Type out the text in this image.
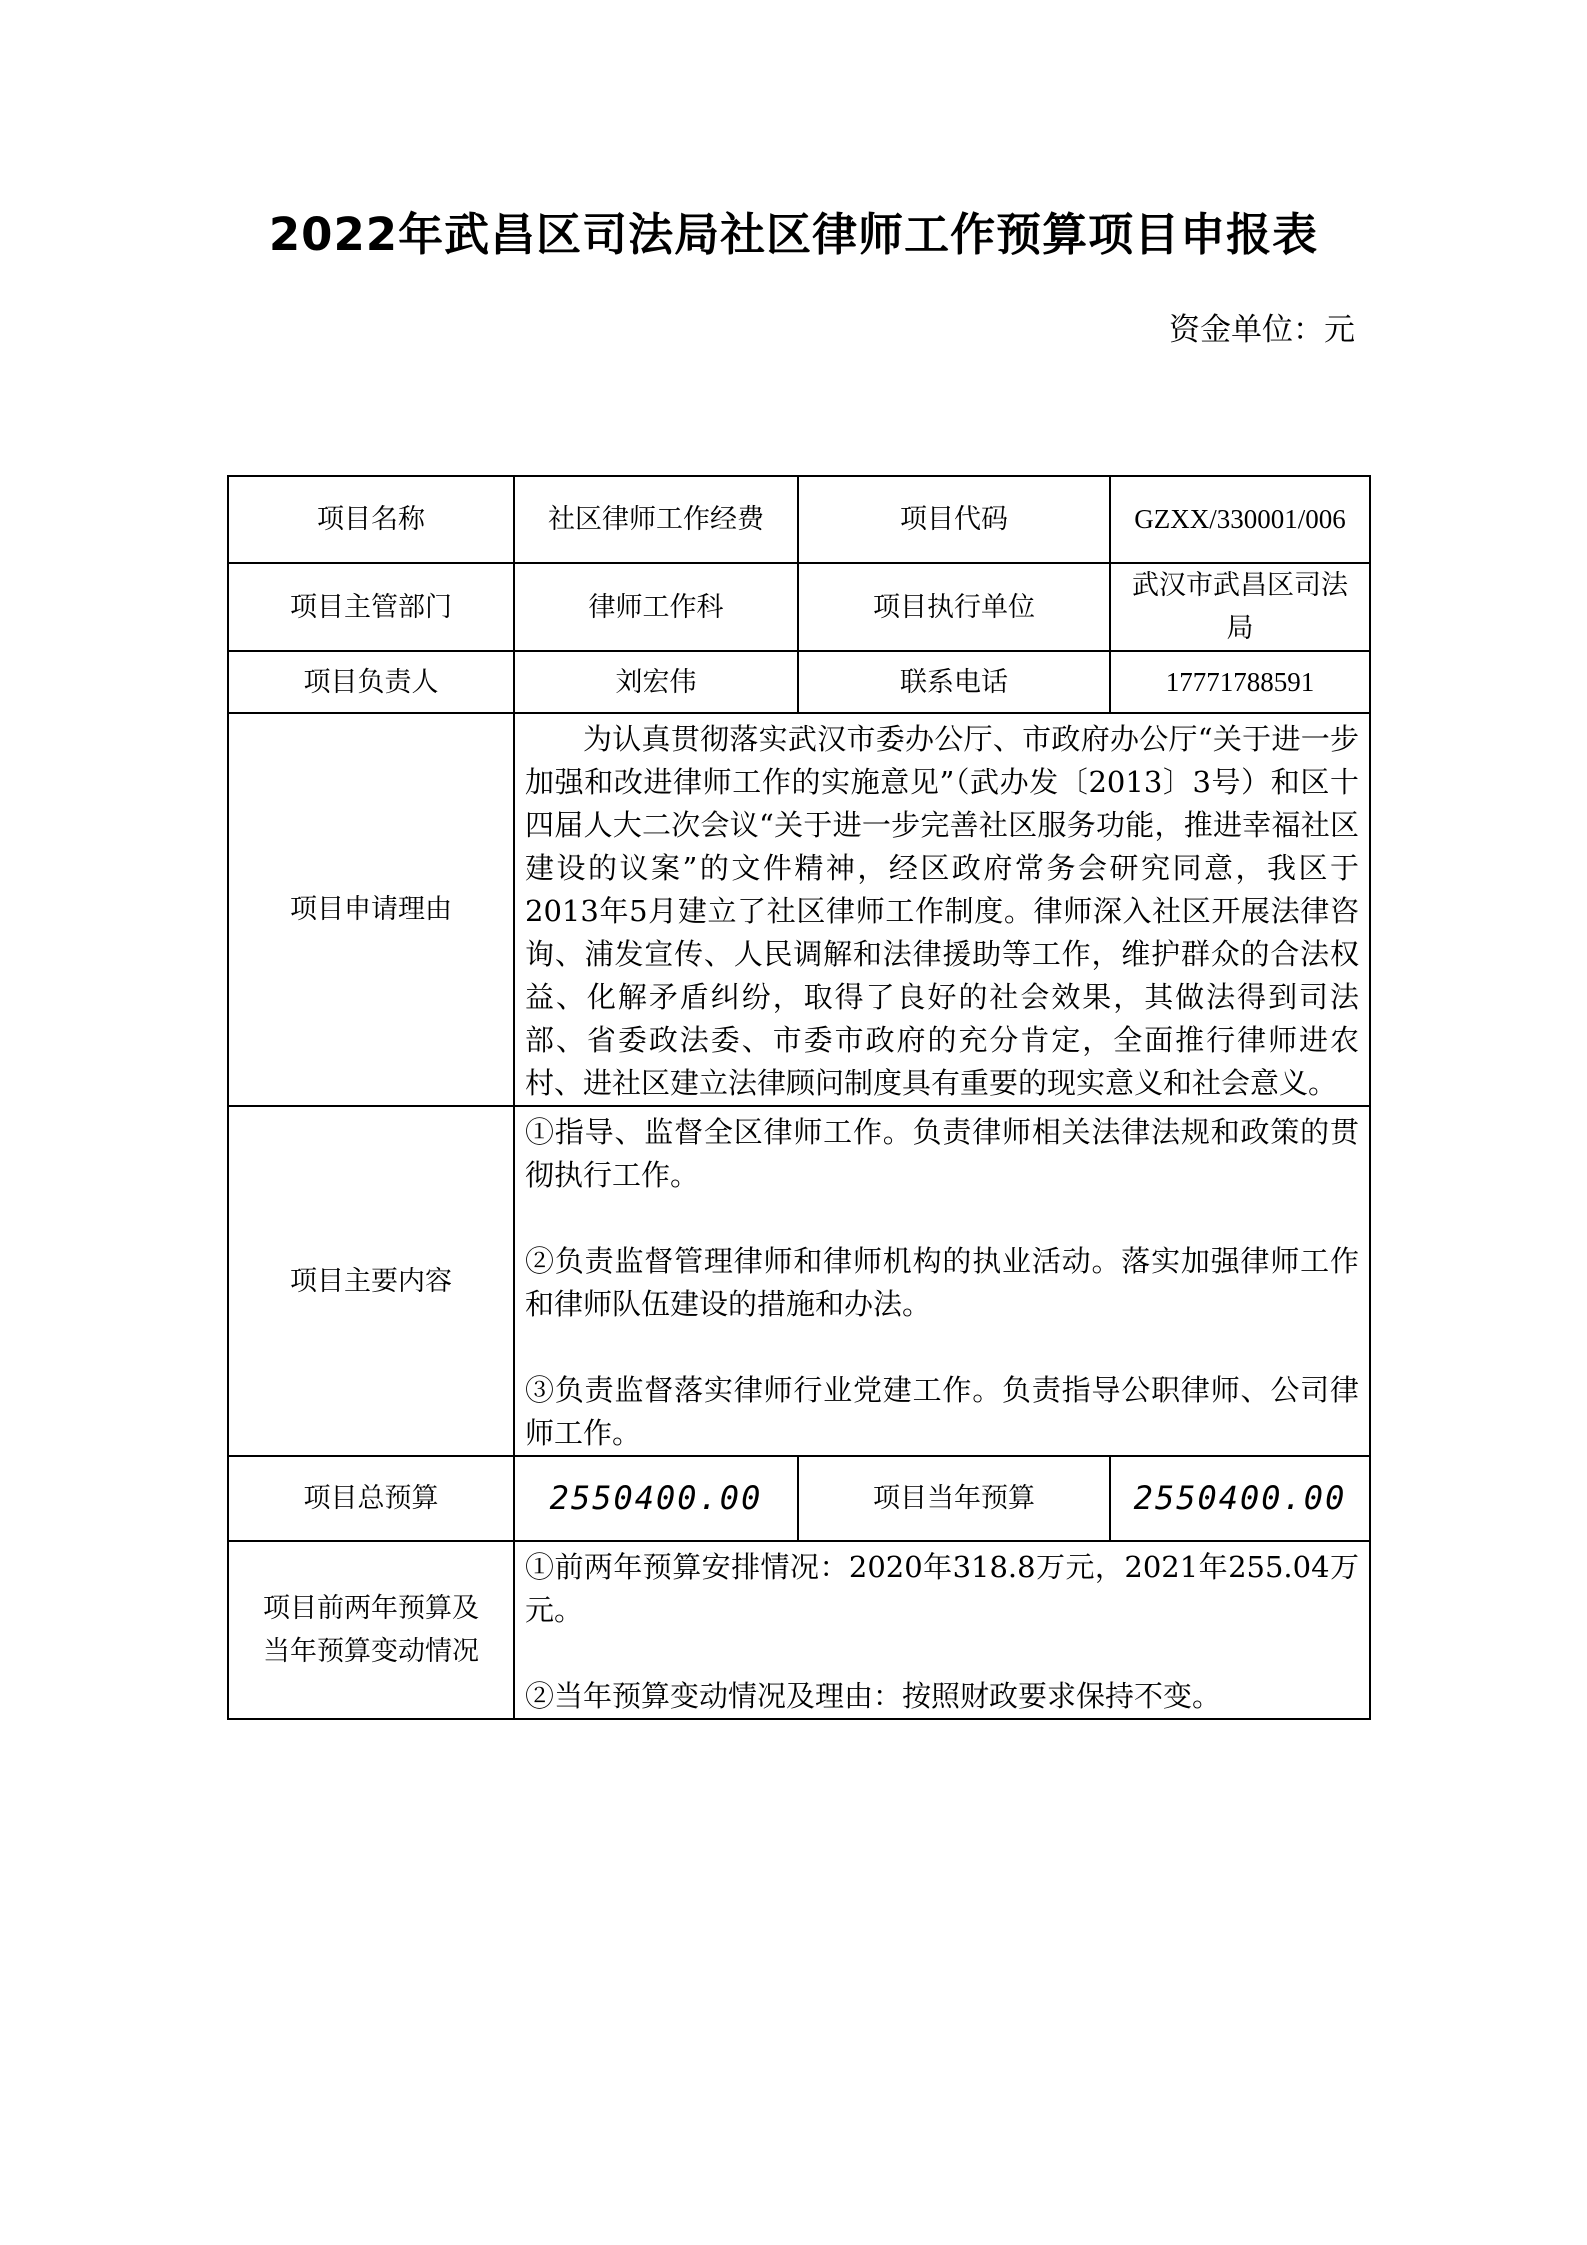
2022年武昌区司法局社区律师工作预算项目申报表
资金单位：元
项目名称	社区律师工作经费	项目代码	GZXX/330001/006
项目主管部门	律师工作科	项目执行单位	武汉市武昌区司法局
项目负责人	刘宏伟	联系电话	17771788591
项目申请理由	为认真贯彻落实武汉市委办公厅、市政府办公厅“关于进一步加强和改进律师工作的实施意见”（武办发〔2013〕3号）和区十四届人大二次会议“关于进一步完善社区服务功能，推进幸福社区建设的议案”的文件精神，经区政府常务会研究同意，我区于2013年5月建立了社区律师工作制度。律师深入社区开展法律咨询、浦发宣传、人民调解和法律援助等工作，维护群众的合法权益、化解矛盾纠纷，取得了良好的社会效果，其做法得到司法部、省委政法委、市委市政府的充分肯定，全面推行律师进农村、进社区建立法律顾问制度具有重要的现实意义和社会意义。		

项目主要内容	①指导、监督全区律师工作。负责律师相关法律法规和政策的贯彻执行工作。

②负责监督管理律师和律师机构的执业活动。落实加强律师工作和律师队伍建设的措施和办法。

③负责监督落实律师行业党建工作。负责指导公职律师、公司律师工作。		

项目总预算	2550400.00	项目当年预算	2550400.00
项目前两年预算及当年预算变动情况	①前两年预算安排情况：2020年318.8万元，2021年255.04万元。

②当年预算变动情况及理由：按照财政要求保持不变。		
